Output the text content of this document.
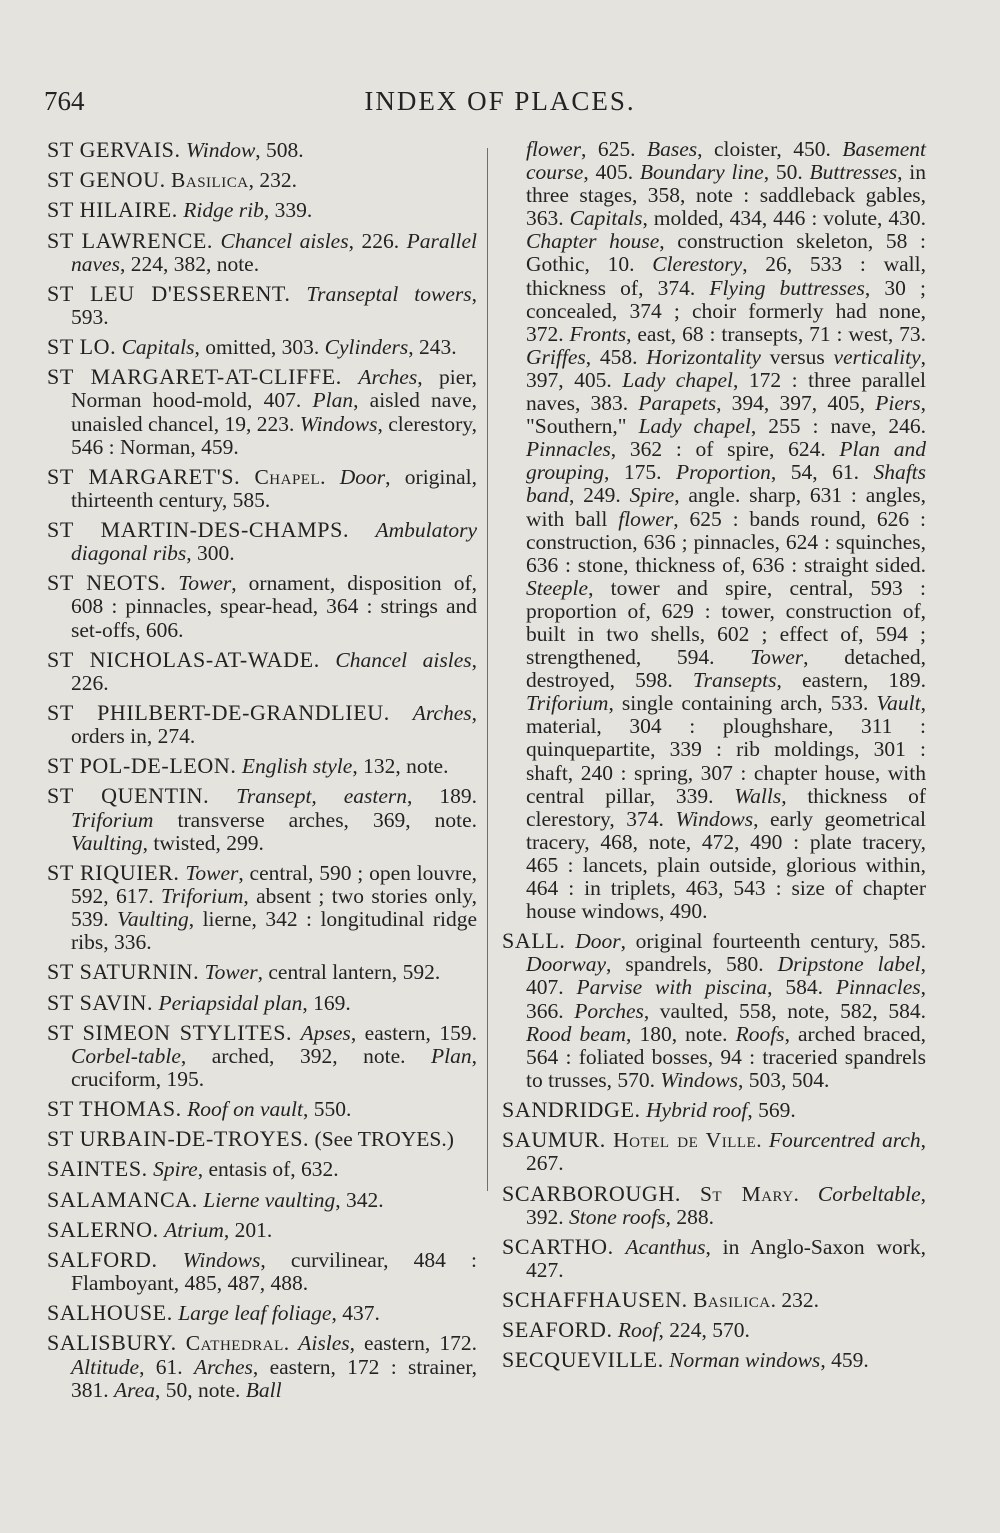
764	INDEX OF PLACES.
ST GERVAIS. Window, 508.
ST GENOU. Basilica, 232.
ST HILAIRE. Ridge rib, 339.
ST LAWRENCE. Chancel aisles, 226. Parallel naves, 224, 382, note.
ST LEU D'ESSERENT. Transeptal towers, 593.
ST LO. Capitals, omitted, 303. Cylinders, 243.
ST MARGARET-AT-CLIFFE. Arches, pier, Norman hood-mold, 407. Plan, aisled nave, unaisled chancel, 19, 223. Windows, clerestory, 546 : Norman, 459.
ST MARGARET'S. Chapel. Door, original, thirteenth century, 585.
ST MARTIN-DES-CHAMPS. Ambulatory diagonal ribs, 300.
ST NEOTS. Tower, ornament, disposition of, 608 : pinnacles, spear-head, 364 : strings and set-offs, 606.
ST NICHOLAS-AT-WADE. Chancel aisles, 226.
ST PHILBERT-DE-GRANDLIEU. Arches, orders in, 274.
ST POL-DE-LEON. English style, 132, note.
ST QUENTIN. Transept, eastern, 189. Triforium transverse arches, 369, note. Vaulting, twisted, 299.
ST RIQUIER. Tower, central, 590 ; open louvre, 592, 617. Triforium, absent ; two stories only, 539. Vaulting, lierne, 342 : longitudinal ridge ribs, 336.
ST SATURNIN. Tower, central lantern, 592.
ST SAVIN. Periapsidal plan, 169.
ST SIMEON STYLITES. Apses, eastern, 159. Corbel-table, arched, 392, note. Plan, cruciform, 195.
ST THOMAS. Roof on vault, 550.
ST URBAIN-DE-TROYES. (See TROYES.)
SAINTES. Spire, entasis of, 632.
SALAMANCA. Lierne vaulting, 342.
SALERNO. Atrium, 201.
SALFORD. Windows, curvilinear, 484 : Flamboyant, 485, 487, 488.
SALHOUSE. Large leaf foliage, 437.
SALISBURY. Cathedral. Aisles, eastern, 172. Altitude, 61. Arches, eastern, 172 : strainer, 381. Area, 50, note. Ball
flower, 625. Bases, cloister, 450. Basement course, 405. Boundary line, 50. Buttresses, in three stages, 358, note : saddleback gables, 363. Capitals, molded, 434, 446 : volute, 430. Chapter house, construction skeleton, 58 : Gothic, 10. Clerestory, 26, 533 : wall, thickness of, 374. Flying buttresses, 30 ; concealed, 374 ; choir formerly had none, 372. Fronts, east, 68 : transepts, 71 : west, 73. Griffes, 458. Horizontality versus verticality, 397, 405. Lady chapel, 172 : three parallel naves, 383. Parapets, 394, 397, 405, Piers, "Southern," Lady chapel, 255 : nave, 246. Pinnacles, 362 : of spire, 624. Plan and grouping, 175. Proportion, 54, 61. Shafts band, 249. Spire, angle. sharp, 631 : angles, with ball flower, 625 : bands round, 626 : construction, 636 ; pinnacles, 624 : squinches, 636 : stone, thickness of, 636 : straight sided. Steeple, tower and spire, central, 593 : proportion of, 629 : tower, construction of, built in two shells, 602 ; effect of, 594 ; strengthened, 594. Tower, detached, destroyed, 598. Transepts, eastern, 189. Triforium, single containing arch, 533. Vault, material, 304 : ploughshare, 311 : quinquepartite, 339 : rib moldings, 301 : shaft, 240 : spring, 307 : chapter house, with central pillar, 339. Walls, thickness of clerestory, 374. Windows, early geometrical tracery, 468, note, 472, 490 : plate tracery, 465 : lancets, plain outside, glorious within, 464 : in triplets, 463, 543 : size of chapter house windows, 490.
SALL. Door, original fourteenth century, 585. Doorway, spandrels, 580. Dripstone label, 407. Parvise with piscina, 584. Pinnacles, 366. Porches, vaulted, 558, note, 582, 584. Rood beam, 180, note. Roofs, arched braced, 564 : foliated bosses, 94 : traceried spandrels to trusses, 570. Windows, 503, 504.
SANDRIDGE. Hybrid roof, 569.
SAUMUR. Hotel de Ville. Fourcentred arch, 267.
SCARBOROUGH. St Mary. Corbeltable, 392. Stone roofs, 288.
SCARTHO. Acanthus, in Anglo-Saxon work, 427.
SCHAFFHAUSEN. Basilica. 232.
SEAFORD. Roof, 224, 570.
SECQUEVILLE. Norman windows, 459.
